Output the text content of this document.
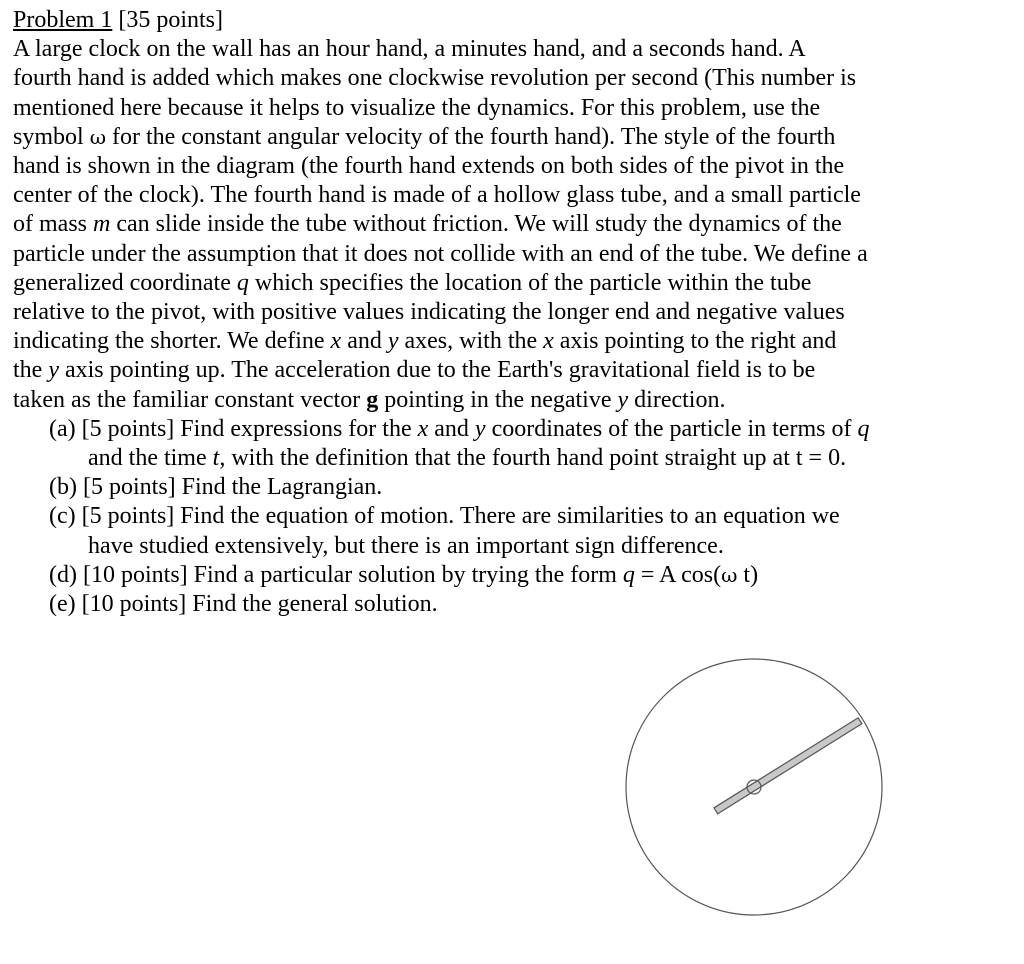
Problem 1 [35 points]
A large clock on the wall has an hour hand, a minutes hand, and a seconds hand. A
fourth hand is added which makes one clockwise revolution per second (This number is
mentioned here because it helps to visualize the dynamics. For this problem, use the
symbol ω for the constant angular velocity of the fourth hand). The style of the fourth
hand is shown in the diagram (the fourth hand extends on both sides of the pivot in the
center of the clock). The fourth hand is made of a hollow glass tube, and a small particle
of mass m can slide inside the tube without friction. We will study the dynamics of the
particle under the assumption that it does not collide with an end of the tube. We define a
generalized coordinate q which specifies the location of the particle within the tube
relative to the pivot, with positive values indicating the longer end and negative values
indicating the shorter. We define x and y axes, with the x axis pointing to the right and
the y axis pointing up. The acceleration due to the Earth's gravitational field is to be
taken as the familiar constant vector g pointing in the negative y direction.
(a) [5 points] Find expressions for the x and y coordinates of the particle in terms of q
and the time t, with the definition that the fourth hand point straight up at t = 0.
(b) [5 points] Find the Lagrangian.
(c) [5 points] Find the equation of motion. There are similarities to an equation we
have studied extensively, but there is an important sign difference.
(d) [10 points] Find a particular solution by trying the form q = A cos(ω t)
(e) [10 points] Find the general solution.
